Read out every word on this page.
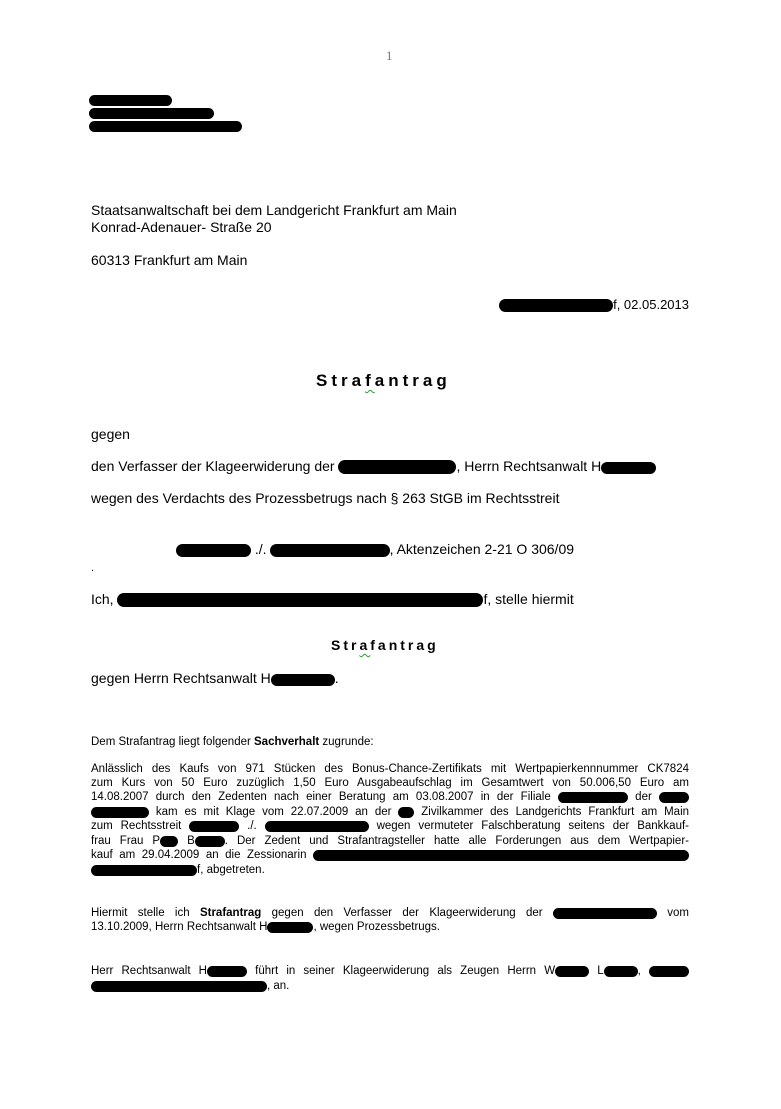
1
Staatsanwaltschaft bei dem Landgericht Frankfurt am Main
Konrad-Adenauer- Straße 20
60313 Frankfurt am Main
f, 02.05.2013
Strafantrag
gegen
den Verfasser der Klageerwiderung der	, Herrn Rechtsanwalt H
wegen des Verdachts des Prozessbetrugs nach § 263 StGB im Rechtsstreit
./.	, Aktenzeichen 2-21 O 306/09
.
Ich,	f, stelle hiermit
Strafantrag
gegen Herrn Rechtsanwalt H	.
Dem Strafantrag liegt folgender Sachverhalt zugrunde:
Anlässlich des Kaufs von 971 Stücken des Bonus-Chance-Zertifikats mit Wertpapierkennnummer CK7824
zum Kurs von 50 Euro zuzüglich 1,50 Euro Ausgabeaufschlag im Gesamtwert von 50.006,50 Euro am
14.08.2007 durch den Zedenten nach einer Beratung am 03.08.2007 in der Filiale	der
kam es mit Klage vom 22.07.2009 an der	Zivilkammer des Landgerichts Frankfurt am Main
zum Rechtsstreit	./.	wegen vermuteter Falschberatung seitens der Bankkauf-
frau Frau P B	. Der Zedent und Strafantragsteller hatte alle Forderungen aus dem Wertpapier-
kauf am 29.04.2009 an die Zessionarin
f, abgetreten.
Hiermit stelle ich Strafantrag gegen den Verfasser der Klageerwiderung der	vom
13.10.2009, Herrn Rechtsanwalt H	, wegen Prozessbetrugs.
Herr Rechtsanwalt H	führt in seiner Klageerwiderung als Zeugen Herrn W	L	,
, an.
